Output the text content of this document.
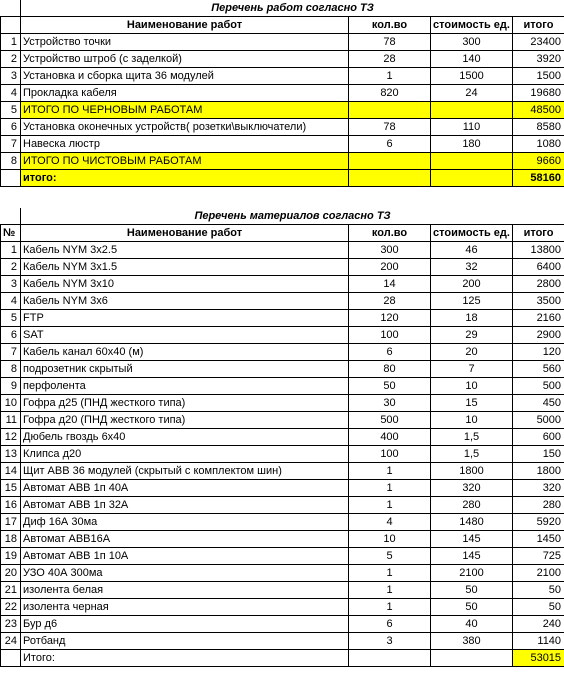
	Перечень работ согласно ТЗ			
	Наименование работ	кол.во	стоимость ед.	итого
1	Устройство точки	78	300	23400
2	Устройство штроб (с заделкой)	28	140	3920
3	Установка и сборка щита 36 модулей	1	1500	1500
4	Прокладка кабеля	820	24	19680
5	ИТОГО ПО ЧЕРНОВЫМ РАБОТАМ			48500
6	Установка оконечных устройств( розетки\выключатели)	78	110	8580
7	Навеска люстр	6	180	1080
8	ИТОГО ПО ЧИСТОВЫМ РАБОТАМ			9660
	итого:			58160
	Перечень материалов согласно ТЗ			
№	Наименование работ	кол.во	стоимость ед.	итого
1	Кабель NYM 3x2.5	300	46	13800
2	Кабель NYM 3x1.5	200	32	6400
3	Кабель NYM 3x10	14	200	2800
4	Кабель NYM 3x6	28	125	3500
5	FTP	120	18	2160
6	SAT	100	29	2900
7	Кабель канал 60x40 (м)	6	20	120
8	подрозетник скрытый	80	7	560
9	перфолента	50	10	500
10	Гофра д25 (ПНД жесткого типа)	30	15	450
11	Гофра д20 (ПНД жесткого типа)	500	10	5000
12	Дюбель гвоздь 6x40	400	1,5	600
13	Клипса д20	100	1,5	150
14	Щит ABB 36 модулей (скрытый с комплектом шин)	1	1800	1800
15	Автомат ABB 1п 40А	1	320	320
16	Автомат ABB 1п 32А	1	280	280
17	Диф 16А 30ма	4	1480	5920
18	Автомат ABB16А	10	145	1450
19	Автомат ABB 1п 10А	5	145	725
20	УЗО 40А 300ма	1	2100	2100
21	изолента белая	1	50	50
22	изолента черная	1	50	50
23	Бур д6	6	40	240
24	Ротбанд	3	380	1140
	Итого:			53015
